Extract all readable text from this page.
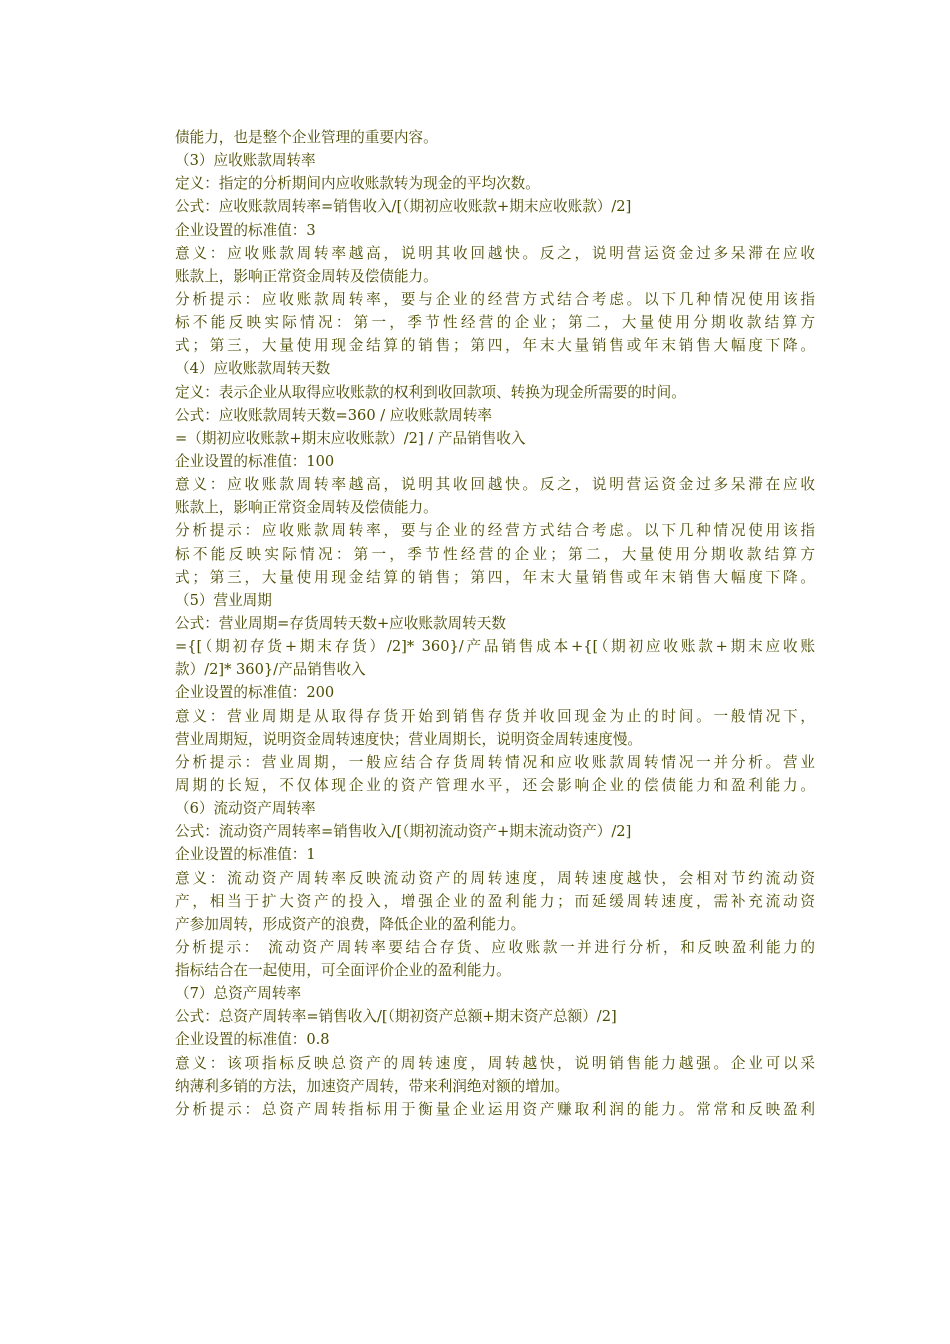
债能力，也是整个企业管理的重要内容。
（3）应收账款周转率
定义：指定的分析期间内应收账款转为现金的平均次数。
公式：应收账款周转率=销售收入/[（期初应收账款+期末应收账款）/2]
企业设置的标准值：3
意义：应收账款周转率越高，说明其收回越快。反之，说明营运资金过多呆滞在应收
账款上，影响正常资金周转及偿债能力。
分析提示：应收账款周转率，要与企业的经营方式结合考虑。以下几种情况使用该指
标不能反映实际情况：第一，季节性经营的企业；第二，大量使用分期收款结算方
式；第三，大量使用现金结算的销售；第四，年末大量销售或年末销售大幅度下降。
（4）应收账款周转天数
定义：表示企业从取得应收账款的权利到收回款项、转换为现金所需要的时间。
公式：应收账款周转天数=360 / 应收账款周转率
=（期初应收账款+期末应收账款）/2] / 产品销售收入
企业设置的标准值：100
意义：应收账款周转率越高，说明其收回越快。反之，说明营运资金过多呆滞在应收
账款上，影响正常资金周转及偿债能力。
分析提示：应收账款周转率，要与企业的经营方式结合考虑。以下几种情况使用该指
标不能反映实际情况：第一，季节性经营的企业；第二，大量使用分期收款结算方
式；第三，大量使用现金结算的销售；第四，年末大量销售或年末销售大幅度下降。
（5）营业周期
公式：营业周期=存货周转天数+应收账款周转天数
={[（期初存货+期末存货）/2]* 360}/产品销售成本+{[（期初应收账款+期末应收账
款）/2]* 360}/产品销售收入
企业设置的标准值：200
意义：营业周期是从取得存货开始到销售存货并收回现金为止的时间。一般情况下，
营业周期短，说明资金周转速度快；营业周期长，说明资金周转速度慢。
分析提示：营业周期，一般应结合存货周转情况和应收账款周转情况一并分析。营业
周期的长短，不仅体现企业的资产管理水平，还会影响企业的偿债能力和盈利能力。
（6）流动资产周转率
公式：流动资产周转率=销售收入/[（期初流动资产+期末流动资产）/2]
企业设置的标准值：1
意义：流动资产周转率反映流动资产的周转速度，周转速度越快，会相对节约流动资
产，相当于扩大资产的投入，增强企业的盈利能力；而延缓周转速度，需补充流动资
产参加周转，形成资产的浪费，降低企业的盈利能力。
分析提示： 流动资产周转率要结合存货、应收账款一并进行分析，和反映盈利能力的
指标结合在一起使用，可全面评价企业的盈利能力。
（7）总资产周转率
公式：总资产周转率=销售收入/[（期初资产总额+期末资产总额）/2]
企业设置的标准值：0.8
意义：该项指标反映总资产的周转速度，周转越快，说明销售能力越强。企业可以采
纳薄利多销的方法，加速资产周转，带来利润绝对额的增加。
分析提示：总资产周转指标用于衡量企业运用资产赚取利润的能力。常常和反映盈利
